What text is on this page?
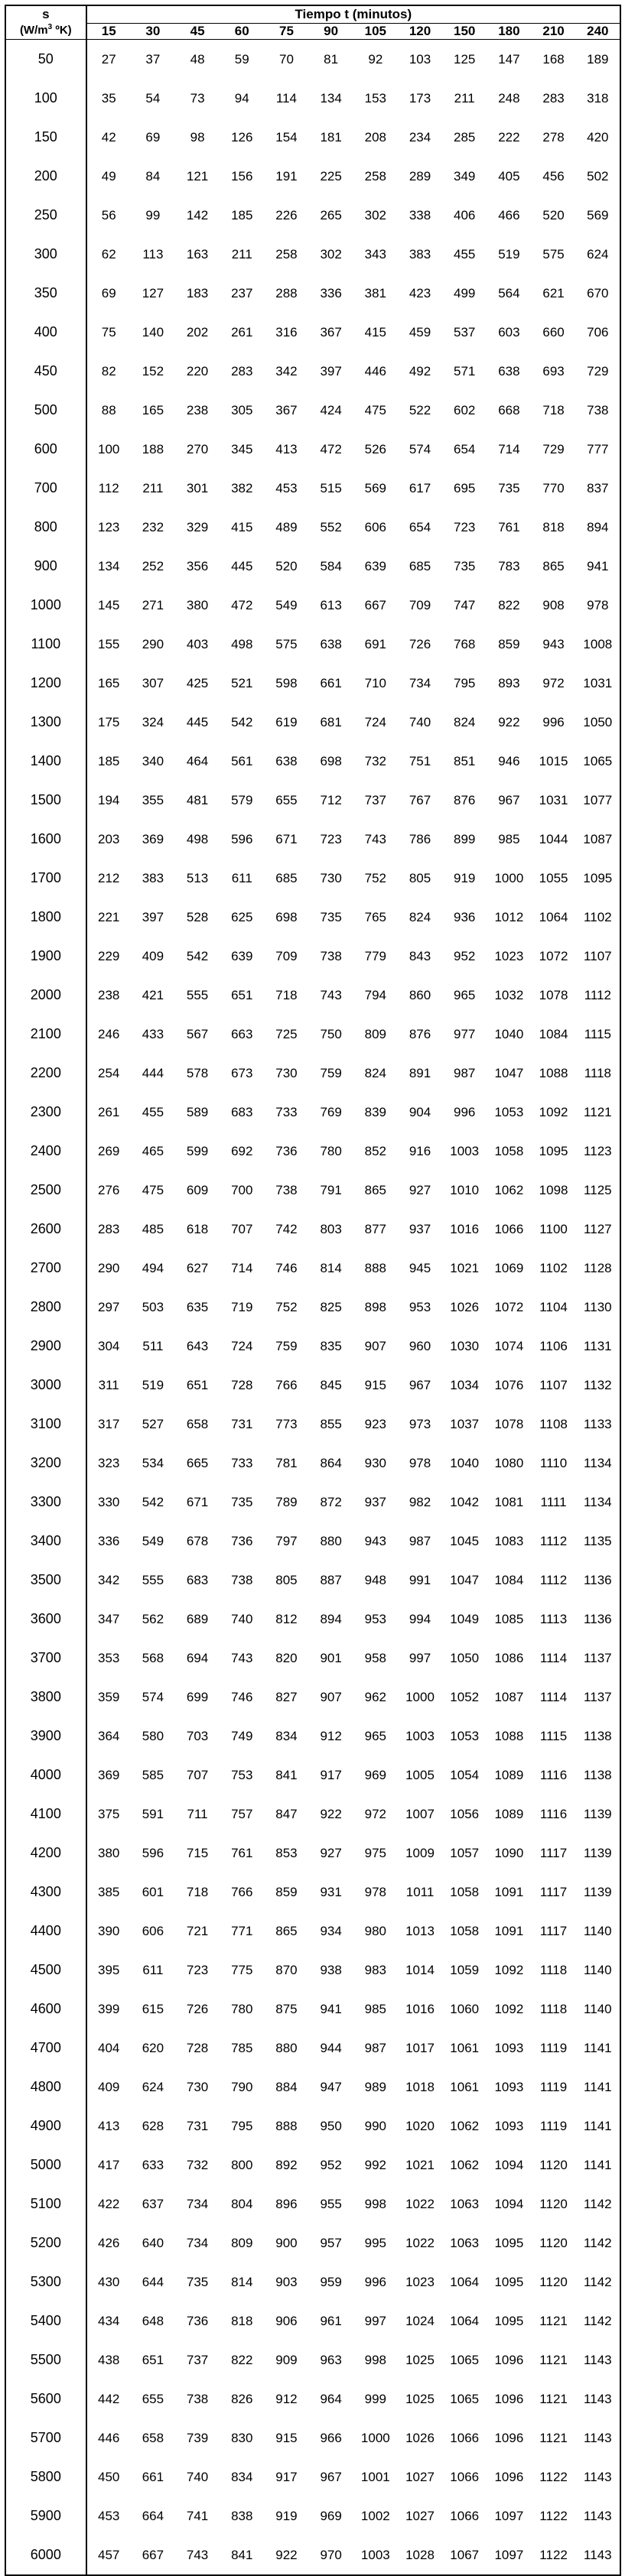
s	Tiempo t (minutos)											
($W/m^3$ ºK)	15	30	45	60	75	90	105	120	150	180	210	240
50	27	37	48	59	70	81	92	103	125	147	168	189
100	35	54	73	94	114	134	153	173	211	248	283	318
150	42	69	98	126	154	181	208	234	285	222	278	420
200	49	84	121	156	191	225	258	289	349	405	456	502
250	56	99	142	185	226	265	302	338	406	466	520	569
300	62	113	163	211	258	302	343	383	455	519	575	624
350	69	127	183	237	288	336	381	423	499	564	621	670
400	75	140	202	261	316	367	415	459	537	603	660	706
450	82	152	220	283	342	397	446	492	571	638	693	729
500	88	165	238	305	367	424	475	522	602	668	718	738
600	100	188	270	345	413	472	526	574	654	714	729	777
700	112	211	301	382	453	515	569	617	695	735	770	837
800	123	232	329	415	489	552	606	654	723	761	818	894
900	134	252	356	445	520	584	639	685	735	783	865	941
1000	145	271	380	472	549	613	667	709	747	822	908	978
1100	155	290	403	498	575	638	691	726	768	859	943	1008
1200	165	307	425	521	598	661	710	734	795	893	972	1031
1300	175	324	445	542	619	681	724	740	824	922	996	1050
1400	185	340	464	561	638	698	732	751	851	946	1015	1065
1500	194	355	481	579	655	712	737	767	876	967	1031	1077
1600	203	369	498	596	671	723	743	786	899	985	1044	1087
1700	212	383	513	611	685	730	752	805	919	1000	1055	1095
1800	221	397	528	625	698	735	765	824	936	1012	1064	1102
1900	229	409	542	639	709	738	779	843	952	1023	1072	1107
2000	238	421	555	651	718	743	794	860	965	1032	1078	1112
2100	246	433	567	663	725	750	809	876	977	1040	1084	1115
2200	254	444	578	673	730	759	824	891	987	1047	1088	1118
2300	261	455	589	683	733	769	839	904	996	1053	1092	1121
2400	269	465	599	692	736	780	852	916	1003	1058	1095	1123
2500	276	475	609	700	738	791	865	927	1010	1062	1098	1125
2600	283	485	618	707	742	803	877	937	1016	1066	1100	1127
2700	290	494	627	714	746	814	888	945	1021	1069	1102	1128
2800	297	503	635	719	752	825	898	953	1026	1072	1104	1130
2900	304	511	643	724	759	835	907	960	1030	1074	1106	1131
3000	311	519	651	728	766	845	915	967	1034	1076	1107	1132
3100	317	527	658	731	773	855	923	973	1037	1078	1108	1133
3200	323	534	665	733	781	864	930	978	1040	1080	1110	1134
3300	330	542	671	735	789	872	937	982	1042	1081	1111	1134
3400	336	549	678	736	797	880	943	987	1045	1083	1112	1135
3500	342	555	683	738	805	887	948	991	1047	1084	1112	1136
3600	347	562	689	740	812	894	953	994	1049	1085	1113	1136
3700	353	568	694	743	820	901	958	997	1050	1086	1114	1137
3800	359	574	699	746	827	907	962	1000	1052	1087	1114	1137
3900	364	580	703	749	834	912	965	1003	1053	1088	1115	1138
4000	369	585	707	753	841	917	969	1005	1054	1089	1116	1138
4100	375	591	711	757	847	922	972	1007	1056	1089	1116	1139
4200	380	596	715	761	853	927	975	1009	1057	1090	1117	1139
4300	385	601	718	766	859	931	978	1011	1058	1091	1117	1139
4400	390	606	721	771	865	934	980	1013	1058	1091	1117	1140
4500	395	611	723	775	870	938	983	1014	1059	1092	1118	1140
4600	399	615	726	780	875	941	985	1016	1060	1092	1118	1140
4700	404	620	728	785	880	944	987	1017	1061	1093	1119	1141
4800	409	624	730	790	884	947	989	1018	1061	1093	1119	1141
4900	413	628	731	795	888	950	990	1020	1062	1093	1119	1141
5000	417	633	732	800	892	952	992	1021	1062	1094	1120	1141
5100	422	637	734	804	896	955	998	1022	1063	1094	1120	1142
5200	426	640	734	809	900	957	995	1022	1063	1095	1120	1142
5300	430	644	735	814	903	959	996	1023	1064	1095	1120	1142
5400	434	648	736	818	906	961	997	1024	1064	1095	1121	1142
5500	438	651	737	822	909	963	998	1025	1065	1096	1121	1143
5600	442	655	738	826	912	964	999	1025	1065	1096	1121	1143
5700	446	658	739	830	915	966	1000	1026	1066	1096	1121	1143
5800	450	661	740	834	917	967	1001	1027	1066	1096	1122	1143
5900	453	664	741	838	919	969	1002	1027	1066	1097	1122	1143
6000	457	667	743	841	922	970	1003	1028	1067	1097	1122	1143
